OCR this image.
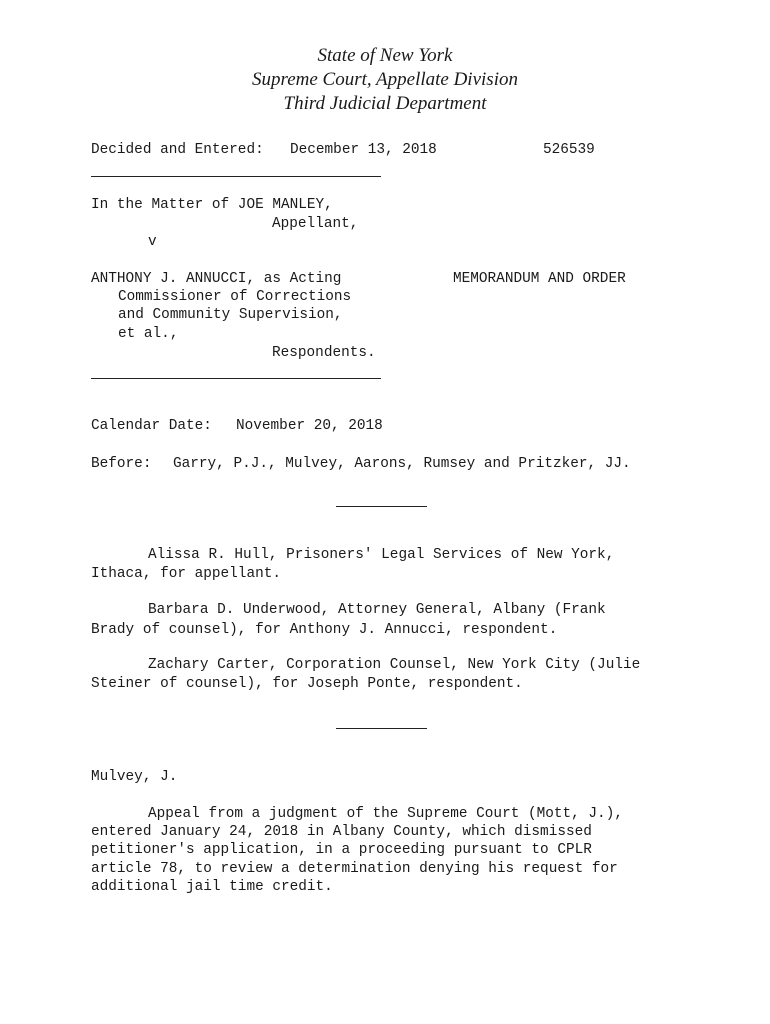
State of New York
Supreme Court, Appellate Division
Third Judicial Department
Decided and Entered: December 13, 2018	526539
In the Matter of JOE MANLEY,
Appellant,
v
ANTHONY J. ANNUCCI, as Acting
Commissioner of Corrections
and Community Supervision,
et al.,
Respondents.
MEMORANDUM AND ORDER
Calendar Date: November 20, 2018
Before: Garry, P.J., Mulvey, Aarons, Rumsey and Pritzker, JJ.
Alissa R. Hull, Prisoners' Legal Services of New York,
Ithaca, for appellant.
Barbara D. Underwood, Attorney General, Albany (Frank
Brady of counsel), for Anthony J. Annucci, respondent.
Zachary Carter, Corporation Counsel, New York City (Julie
Steiner of counsel), for Joseph Ponte, respondent.
Mulvey, J.
Appeal from a judgment of the Supreme Court (Mott, J.),
entered January 24, 2018 in Albany County, which dismissed
petitioner's application, in a proceeding pursuant to CPLR
article 78, to review a determination denying his request for
additional jail time credit.
